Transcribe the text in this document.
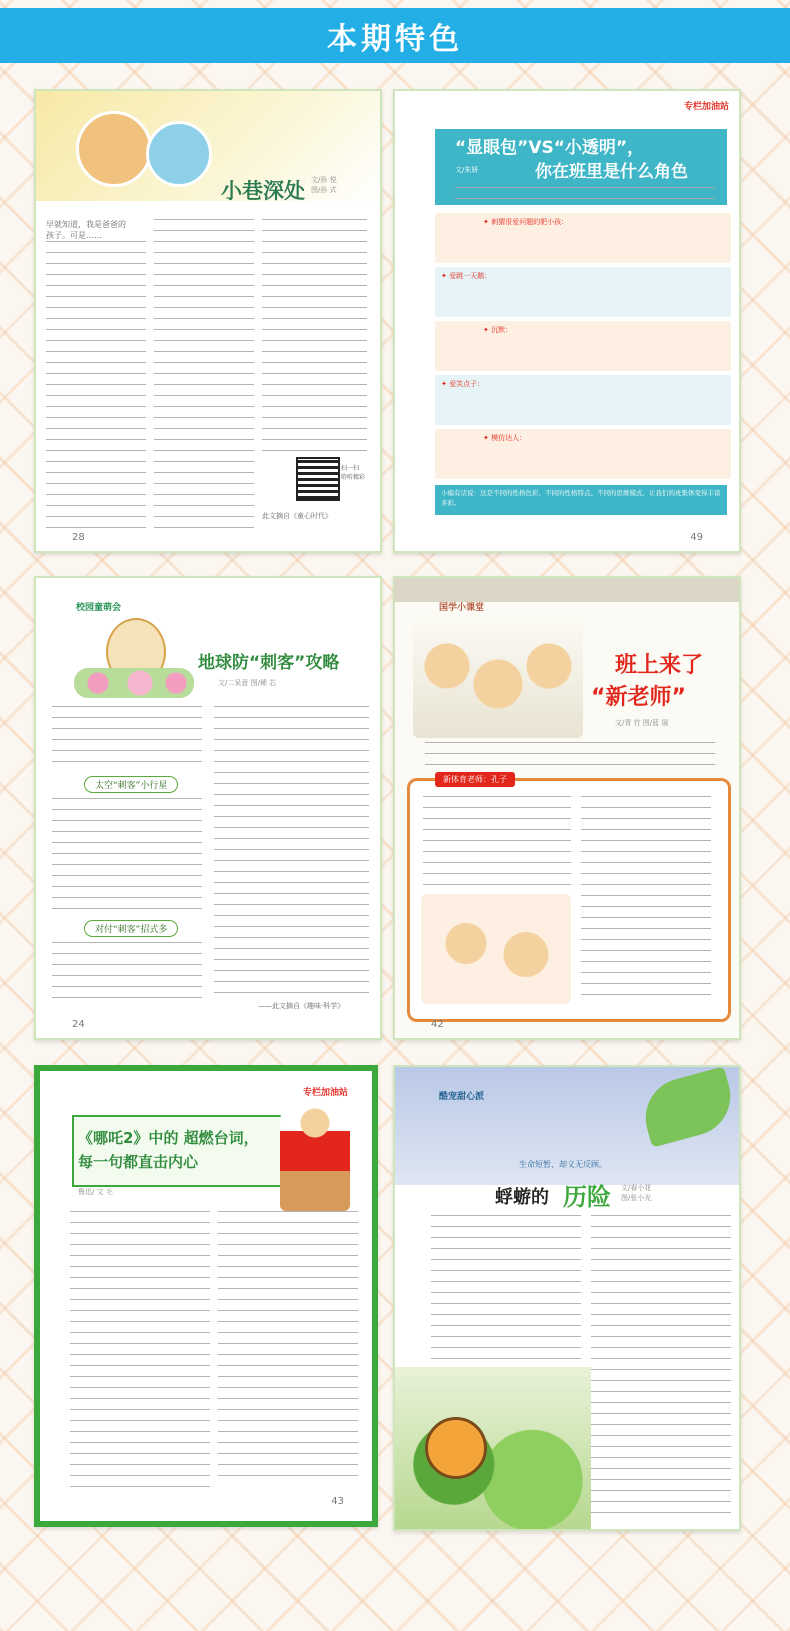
本期特色
小巷深处 文/孙 悦
图/孙 式
早就知道，我是爸爸的孩子。可是……
扫一扫
聆听精彩
此文摘自《童心时代》
28
专栏加油站
“显眼包”VS“小透明”，
你在班里是什么角色
文/朱妍
✦ 刺猬很爱问题的肥小孩：
✦ 爱跳一天鹅：
✦ 沉默：
✦ 爱笑点子：
✦ 模仿达人：
小编有话说：这是不同的性格色彩，不同的性格特点。不同的思维模式，让我们的班集体变得丰富多彩。
49
校园童萌会
地球防“刺客”攻略
文/二呆意 图/稀 芯
太空“刺客”小行星
对付“刺客”招式多
——此文摘自《趣味·科学》
24
国学小课堂
班上来了
“新老师”
文/青 竹 图/蓝 展
新体育老师：孔子
42
专栏加油站
《哪吒2》中的 超燃台词，
每一句都直击内心
鲁迅/ 文 毛
43
酷宠甜心派
生命短暂，却义无反顾。
蜉蝣的 历险 文/春小花
图/张小光
